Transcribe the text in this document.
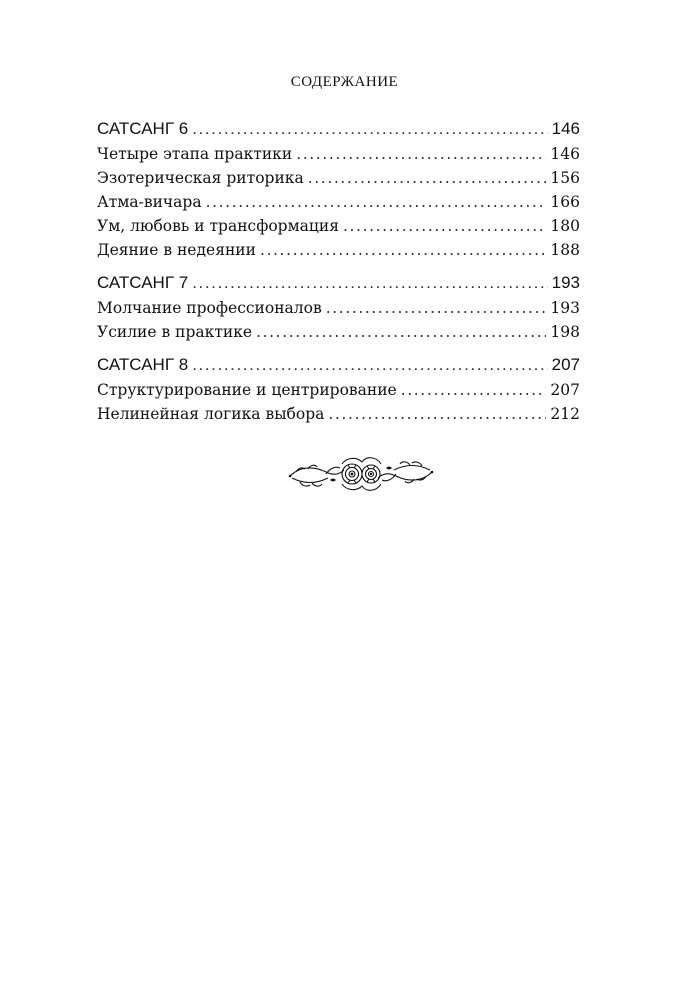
СОДЕРЖАНИЕ
САТСАНГ 6 .....	146
Четыре этапа практики .....	146
Эзотерическая риторика .....	156
Атма-вичара .....	166
Ум, любовь и трансформация .....	180
Деяние в недеянии .....	188
САТСАНГ 7 .....	193
Молчание профессионалов .....	193
Усилие в практике .....	198
САТСАНГ 8 .....	207
Структурирование и центрирование .....	207
Нелинейная логика выбора .....	212
